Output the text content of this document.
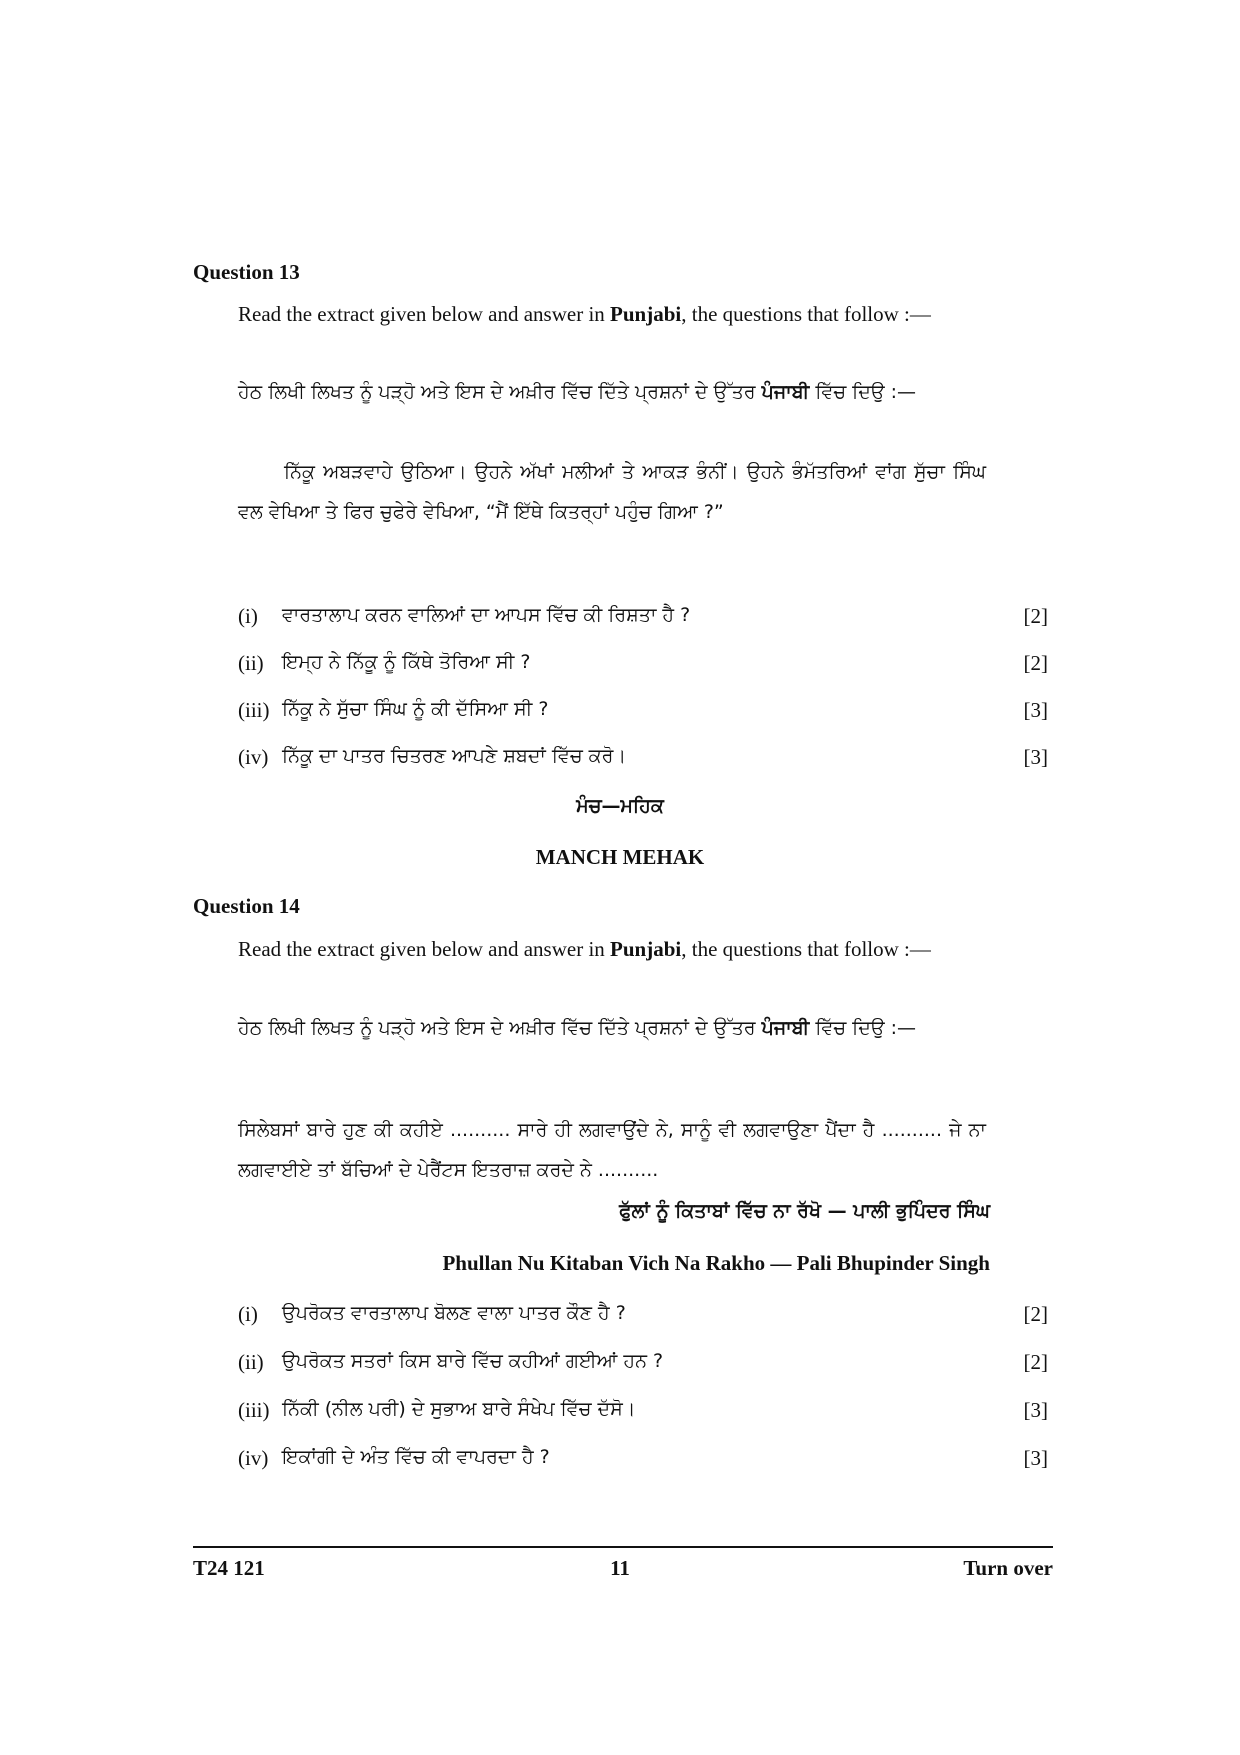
Question 13
Read the extract given below and answer in Punjabi, the questions that follow :—
ਹੇਠ ਲਿਖੀ ਲਿਖਤ ਨੂੰ ਪੜ੍ਹੋ ਅਤੇ ਇਸ ਦੇ ਅਖ਼ੀਰ ਵਿੱਚ ਦਿੱਤੇ ਪ੍ਰਸ਼ਨਾਂ ਦੇ ਉੱਤਰ ਪੰਜਾਬੀ ਵਿੱਚ ਦਿਉ :—
ਨਿੱਕੂ ਅਬੜਵਾਹੇ ਉਠਿਆ। ਉਹਨੇ ਅੱਖਾਂ ਮਲੀਆਂ ਤੇ ਆਕੜ ਭੰਨੀਂ। ਉਹਨੇ ਭੰਮੱਤਰਿਆਂ ਵਾਂਗ ਸੁੱਚਾ ਸਿੰਘ ਵਲ ਵੇਖਿਆ ਤੇ ਫਿਰ ਚੁਫੇਰੇ ਵੇਖਿਆ, “ਮੈਂ ਇੱਥੇ ਕਿਤਰ੍ਹਾਂ ਪਹੁੰਚ ਗਿਆ ?”
(i) ਵਾਰਤਾਲਾਪ ਕਰਨ ਵਾਲਿਆਂ ਦਾ ਆਪਸ ਵਿੱਚ ਕੀ ਰਿਸ਼ਤਾ ਹੈ ?	[2]
(ii) ਇਮ੍ਹ ਨੇ ਨਿੱਕੂ ਨੂੰ ਕਿੱਥੇ ਤੋਰਿਆ ਸੀ ?	[2]
(iii) ਨਿੱਕੂ ਨੇ ਸੁੱਚਾ ਸਿੰਘ ਨੂੰ ਕੀ ਦੱਸਿਆ ਸੀ ?	[3]
(iv) ਨਿੱਕੂ ਦਾ ਪਾਤਰ ਚਿਤਰਣ ਆਪਣੇ ਸ਼ਬਦਾਂ ਵਿੱਚ ਕਰੋ।	[3]
ਮੰਚ—ਮਹਿਕ
MANCH MEHAK
Question 14
Read the extract given below and answer in Punjabi, the questions that follow :—
ਹੇਠ ਲਿਖੀ ਲਿਖਤ ਨੂੰ ਪੜ੍ਹੋ ਅਤੇ ਇਸ ਦੇ ਅਖ਼ੀਰ ਵਿੱਚ ਦਿੱਤੇ ਪ੍ਰਸ਼ਨਾਂ ਦੇ ਉੱਤਰ ਪੰਜਾਬੀ ਵਿੱਚ ਦਿਉ :—
ਸਿਲੇਬਸਾਂ ਬਾਰੇ ਹੁਣ ਕੀ ਕਹੀਏ .......... ਸਾਰੇ ਹੀ ਲਗਵਾਉਂਦੇ ਨੇ, ਸਾਨੂੰ ਵੀ ਲਗਵਾਉਣਾ ਪੈਂਦਾ ਹੈ .......... ਜੇ ਨਾ ਲਗਵਾਈਏ ਤਾਂ ਬੱਚਿਆਂ ਦੇ ਪੇਰੈਂਟਸ ਇਤਰਾਜ਼ ਕਰਦੇ ਨੇ ..........
ਫੁੱਲਾਂ ਨੂੰ ਕਿਤਾਬਾਂ ਵਿੱਚ ਨਾ ਰੱਖੋ — ਪਾਲੀ ਭੁਪਿੰਦਰ ਸਿੰਘ
Phullan Nu Kitaban Vich Na Rakho — Pali Bhupinder Singh
(i) ਉਪਰੋਕਤ ਵਾਰਤਾਲਾਪ ਬੋਲਣ ਵਾਲਾ ਪਾਤਰ ਕੌਣ ਹੈ ?	[2]
(ii) ਉਪਰੋਕਤ ਸਤਰਾਂ ਕਿਸ ਬਾਰੇ ਵਿੱਚ ਕਹੀਆਂ ਗਈਆਂ ਹਨ ?	[2]
(iii) ਨਿੱਕੀ (ਨੀਲ ਪਰੀ) ਦੇ ਸੁਭਾਅ ਬਾਰੇ ਸੰਖੇਪ ਵਿੱਚ ਦੱਸੋ।	[3]
(iv) ਇਕਾਂਗੀ ਦੇ ਅੰਤ ਵਿੱਚ ਕੀ ਵਾਪਰਦਾ ਹੈ ?	[3]
T24 121	11	Turn over
